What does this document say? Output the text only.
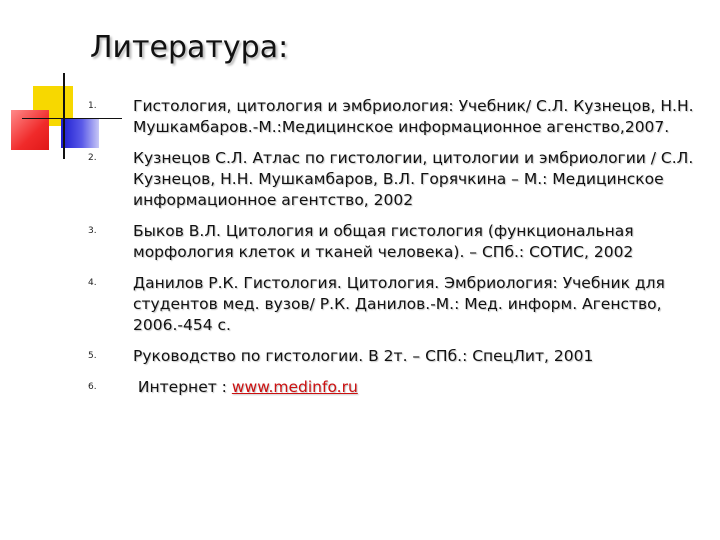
Литература:
1. Гистология, цитология и эмбриология: Учебник/ С.Л. Кузнецов, Н.Н. Мушкамбаров.-М.:Медицинское информационное агенство,2007.
2. Кузнецов С.Л. Атлас по гистологии, цитологии и эмбриологии / С.Л. Кузнецов, Н.Н. Мушкамбаров, В.Л. Горячкина – М.: Медицинское информационное агентство, 2002
3. Быков В.Л. Цитология и общая гистология (функциональная морфология клеток и тканей человека). – СПб.: СОТИС, 2002
4. Данилов Р.К. Гистология. Цитология. Эмбриология: Учебник для студентов мед. вузов/ Р.К. Данилов.-М.: Мед. информ. Агенство, 2006.-454 с.
5. Руководство по гистологии. В 2т. – СПб.: СпецЛит, 2001
6. Интернет : www.medinfo.ru
